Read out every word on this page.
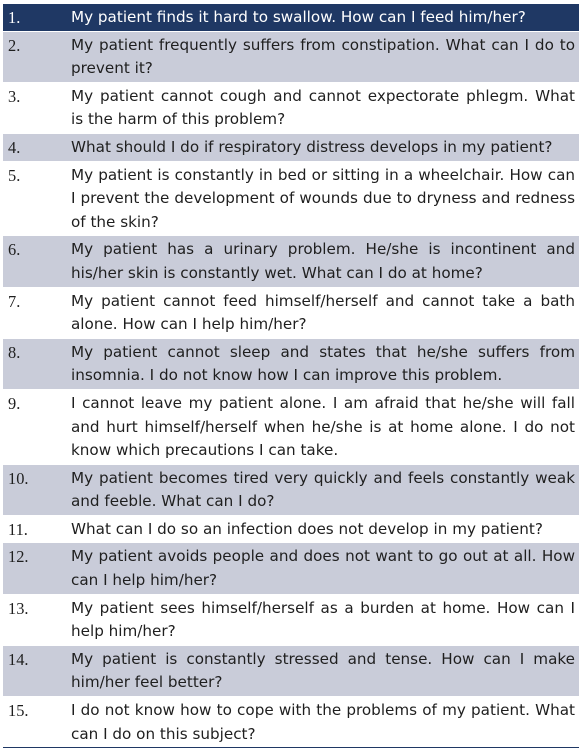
1.	My patient finds it hard to swallow. How can I feed him/her?
2.	My patient frequently suffers from constipation. What can I do to prevent it?
3.	My patient cannot cough and cannot expectorate phlegm. What is the harm of this problem?
4.	What should I do if respiratory distress develops in my patient?
5.	My patient is constantly in bed or sitting in a wheelchair. How can I prevent the development of wounds due to dryness and redness of the skin?
6.	My patient has a urinary problem. He/she is incontinent and his/her skin is constantly wet. What can I do at home?
7.	My patient cannot feed himself/herself and cannot take a bath alone. How can I help him/her?
8.	My patient cannot sleep and states that he/she suffers from insomnia. I do not know how I can improve this problem.
9.	I cannot leave my patient alone. I am afraid that he/she will fall and hurt himself/herself when he/she is at home alone. I do not know which precautions I can take.
10.	My patient becomes tired very quickly and feels constantly weak and feeble. What can I do?
11.	What can I do so an infection does not develop in my patient?
12.	My patient avoids people and does not want to go out at all. How can I help him/her?
13.	My patient sees himself/herself as a burden at home. How can I help him/her?
14.	My patient is constantly stressed and tense. How can I make him/her feel better?
15.	I do not know how to cope with the problems of my patient. What can I do on this subject?
